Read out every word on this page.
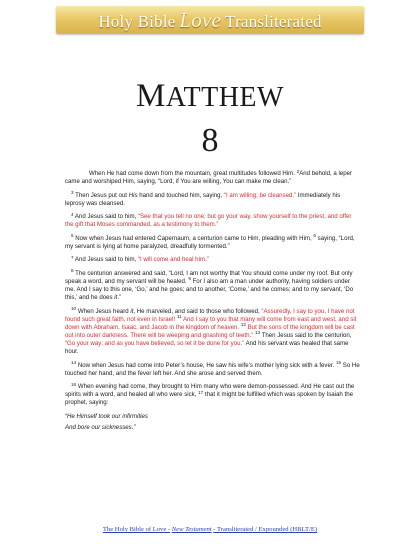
Holy Bible Love Transliterated
MATTHEW
8

When He had come down from the mountain, great multitudes followed Him. $^2$And behold, a leper came and worshiped Him, saying, “Lord, if You are willing, You can make me clean.”

$^3$ Then Jesus put out His hand and touched him, saying, “I am willing; be cleansed.” Immediately his leprosy was cleansed.

$^4$ And Jesus said to him, “See that you tell no one; but go your way, show yourself to the priest, and offer the gift that Moses commanded, as a testimony to them.”

$^5$ Now when Jesus had entered Capernaum, a centurion came to Him, pleading with Him, $^6$ saying, “Lord, my servant is lying at home paralyzed, dreadfully tormented.”

$^7$ And Jesus said to him, “I will come and heal him.”

$^8$ The centurion answered and said, “Lord, I am not worthy that You should come under my roof. But only speak a word, and my servant will be healed. $^9$ For I also am a man under authority, having soldiers under me. And I say to this one, ‘Go,’ and he goes; and to another, ‘Come,’ and he comes; and to my servant, ‘Do this,’ and he does it.”

$^{10}$ When Jesus heard it, He marveled, and said to those who followed, “Assuredly, I say to you, I have not found such great faith, not even in Israel! $^{11}$ And I say to you that many will come from east and west, and sit down with Abraham, Isaac, and Jacob in the kingdom of heaven. $^{12}$ But the sons of the kingdom will be cast out into outer darkness. There will be weeping and gnashing of teeth.” $^{13}$ Then Jesus said to the centurion, “Go your way; and as you have believed, so let it be done for you.” And his servant was healed that same hour.

$^{14}$ Now when Jesus had come into Peter’s house, He saw his wife’s mother lying sick with a fever. $^{15}$ So He touched her hand, and the fever left her. And she arose and served them.

$^{16}$ When evening had come, they brought to Him many who were demon-possessed. And He cast out the spirits with a word, and healed all who were sick, $^{17}$ that it might be fulfilled which was spoken by Isaiah the prophet, saying:

“He Himself took our infirmities

And bore our sicknesses.”

The Holy Bible of Love - New Testament - Transliterated / Expounded (HBLT/E)
